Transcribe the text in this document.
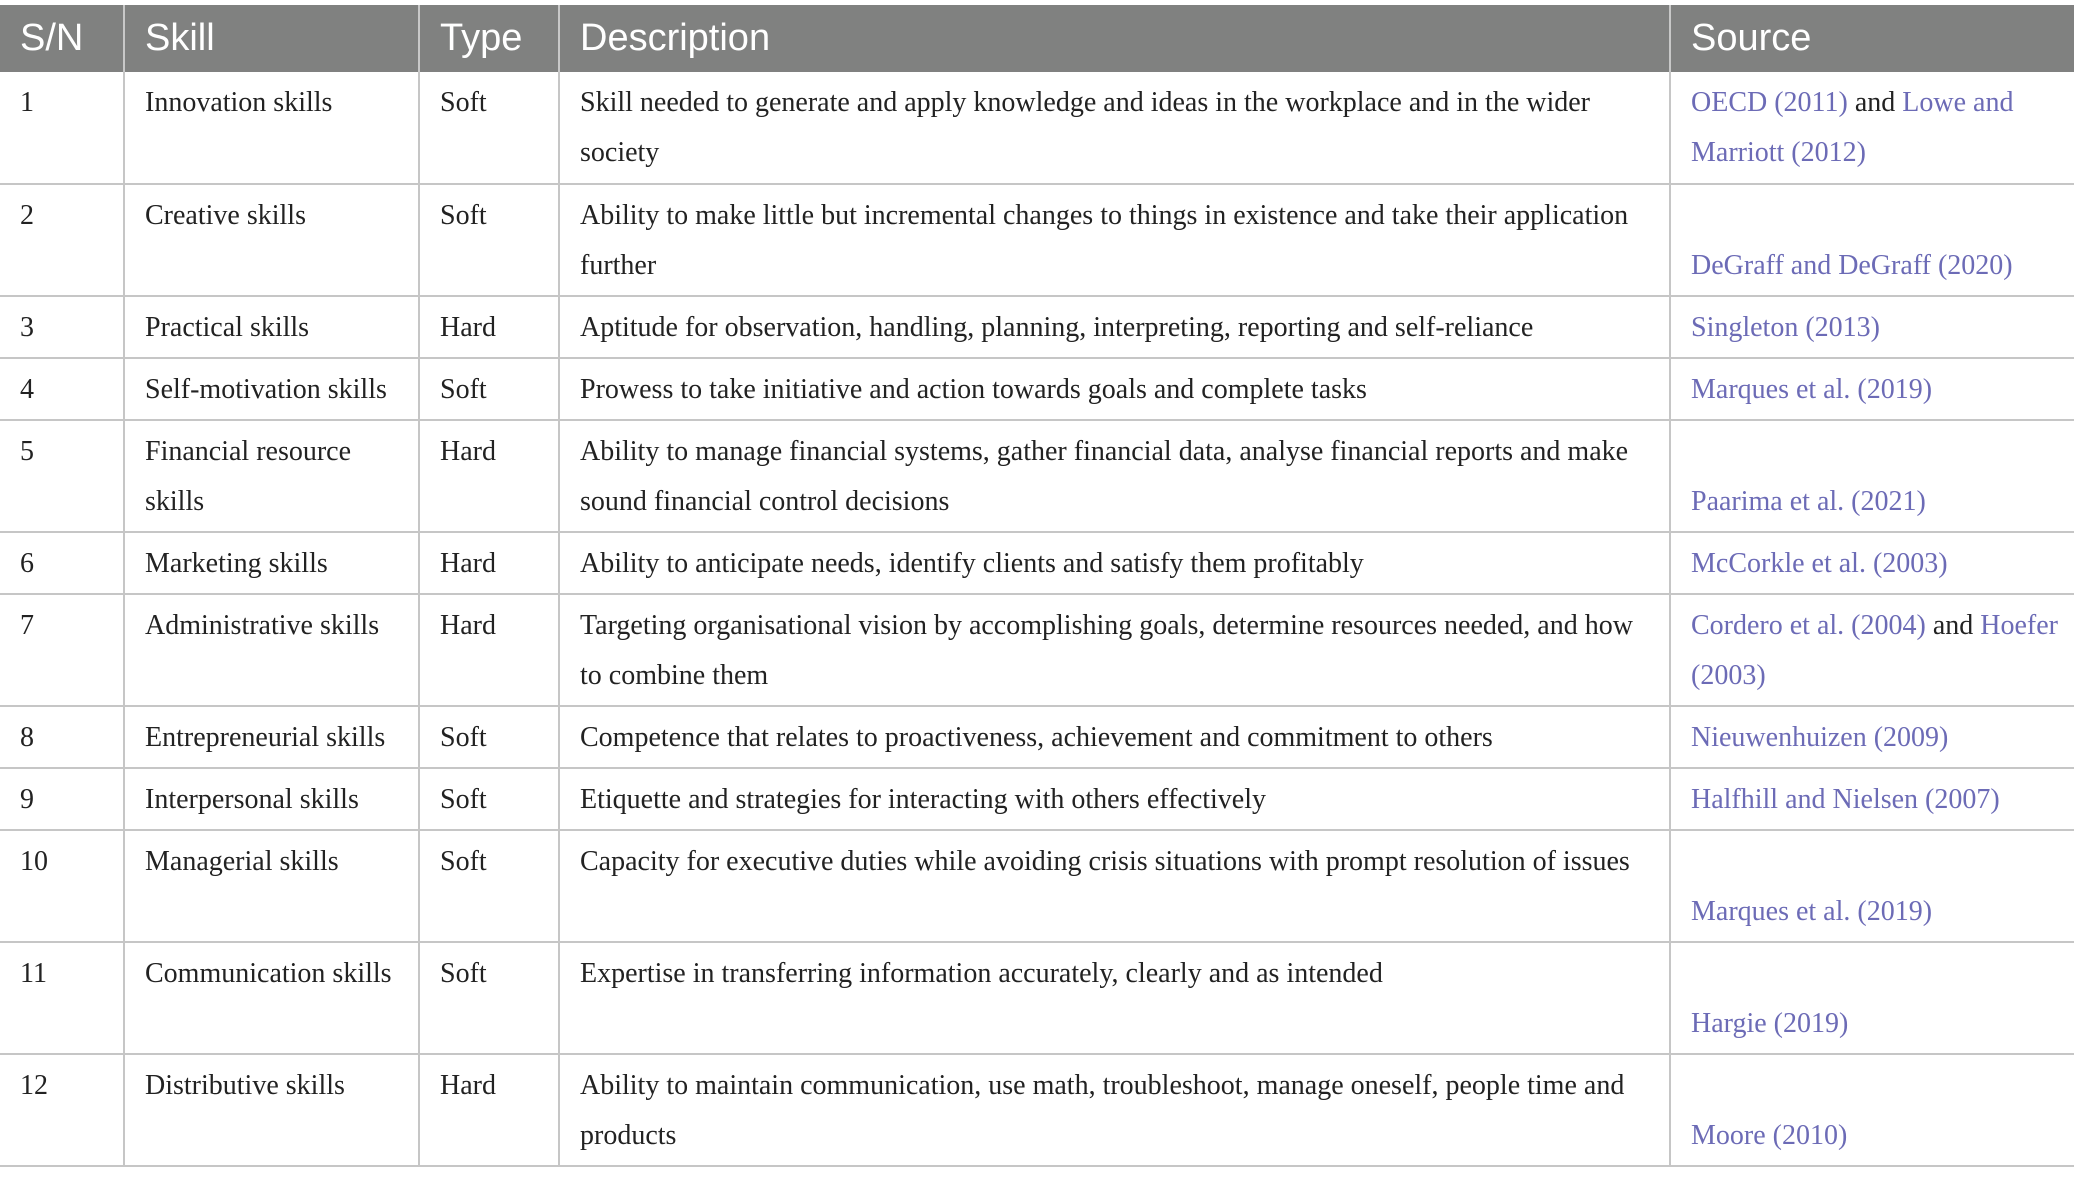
S/N	Skill	Type	Description	Source
1	Innovation skills	Soft	Skill needed to generate and apply knowledge and ideas in the workplace and in the wider society	OECD (2011) and Lowe and Marriott (2012)
2	Creative skills	Soft	Ability to make little but incremental changes to things in existence and take their application further	DeGraff and DeGraff (2020)
3	Practical skills	Hard	Aptitude for observation, handling, planning, interpreting, reporting and self-reliance	Singleton (2013)
4	Self-motivation skills	Soft	Prowess to take initiative and action towards goals and complete tasks	Marques et al. (2019)
5	Financial resource skills	Hard	Ability to manage financial systems, gather financial data, analyse financial reports and make sound financial control decisions	Paarima et al. (2021)
6	Marketing skills	Hard	Ability to anticipate needs, identify clients and satisfy them profitably	McCorkle et al. (2003)
7	Administrative skills	Hard	Targeting organisational vision by accomplishing goals, determine resources needed, and how to combine them	Cordero et al. (2004) and Hoefer (2003)
8	Entrepreneurial skills	Soft	Competence that relates to proactiveness, achievement and commitment to others	Nieuwenhuizen (2009)
9	Interpersonal skills	Soft	Etiquette and strategies for interacting with others effectively	Halfhill and Nielsen (2007)
10	Managerial skills	Soft	Capacity for executive duties while avoiding crisis situations with prompt resolution of issues	Marques et al. (2019)
11	Communication skills	Soft	Expertise in transferring information accurately, clearly and as intended	Hargie (2019)
12	Distributive skills	Hard	Ability to maintain communication, use math, troubleshoot, manage oneself, people time and products	Moore (2010)
